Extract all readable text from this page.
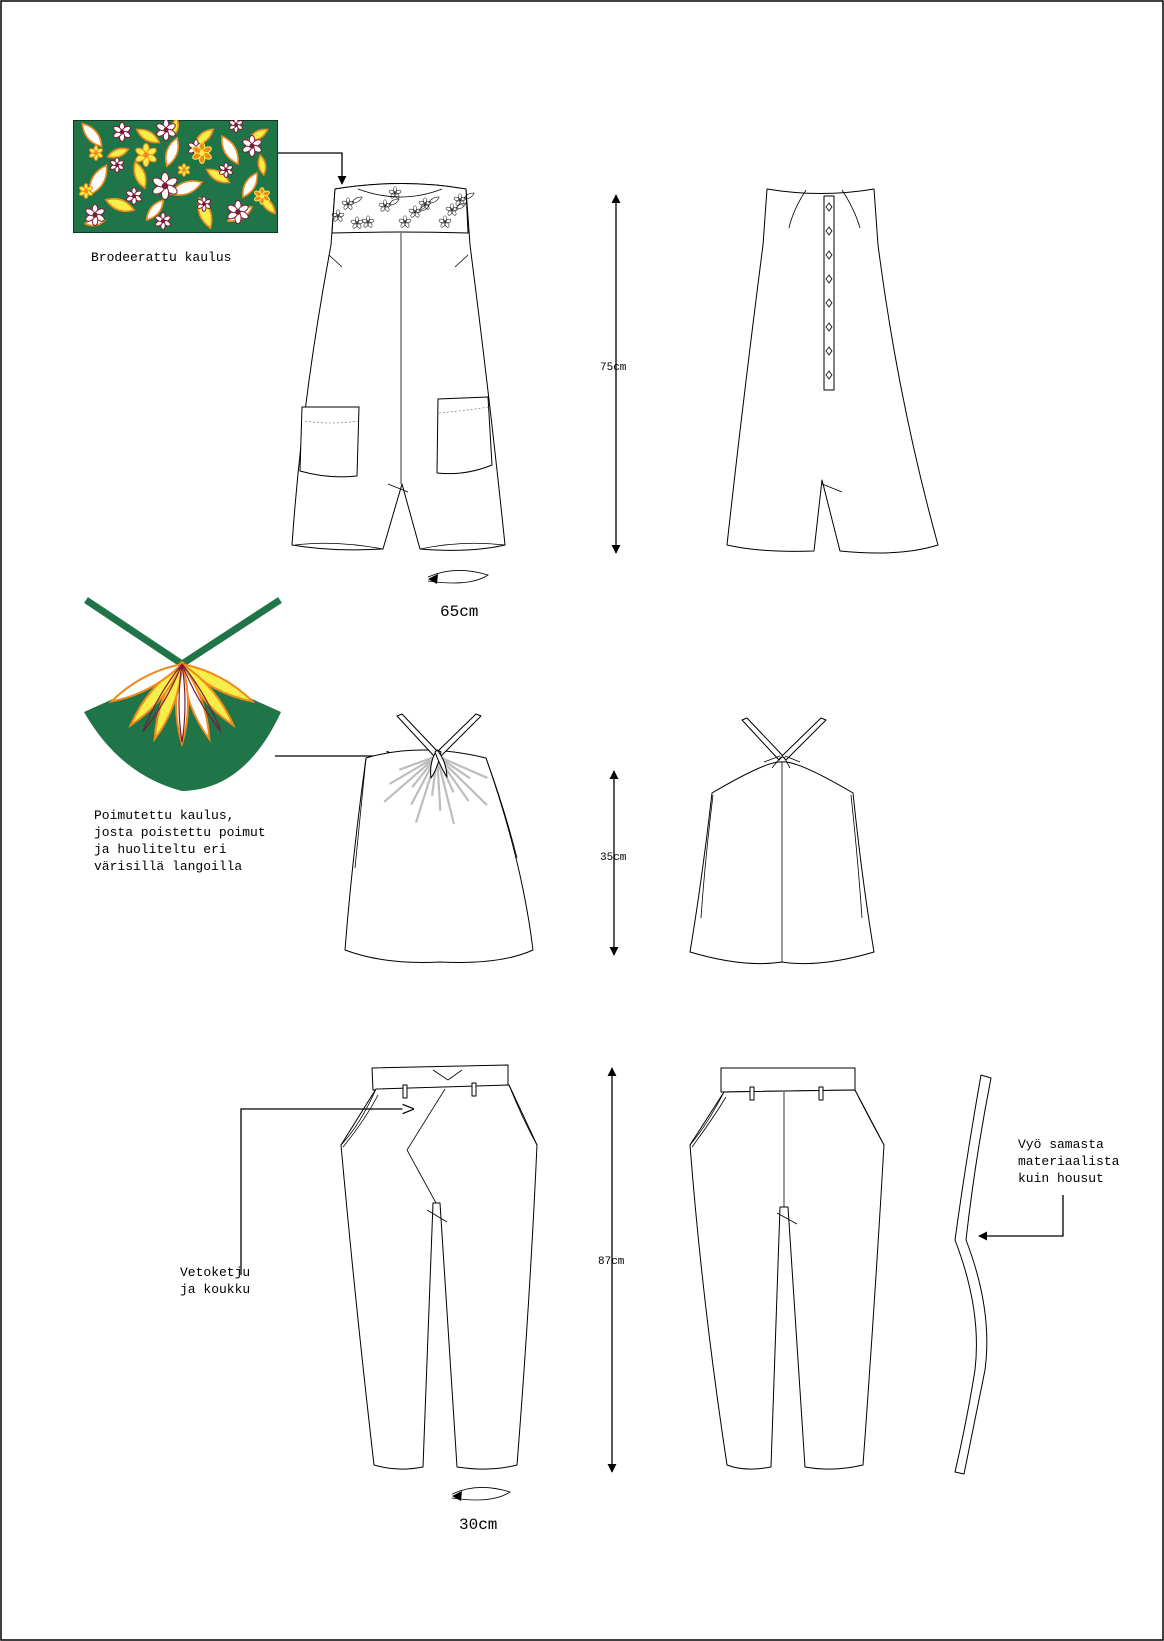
Brodeerattu kaulus
65cm
75cm
Poimutettu kaulus,
josta poistettu poimut
ja huoliteltu eri
värisillä langoilla
35cm
Vetoketju
ja koukku
30cm
87cm
Vyö samasta
materiaalista
kuin housut
